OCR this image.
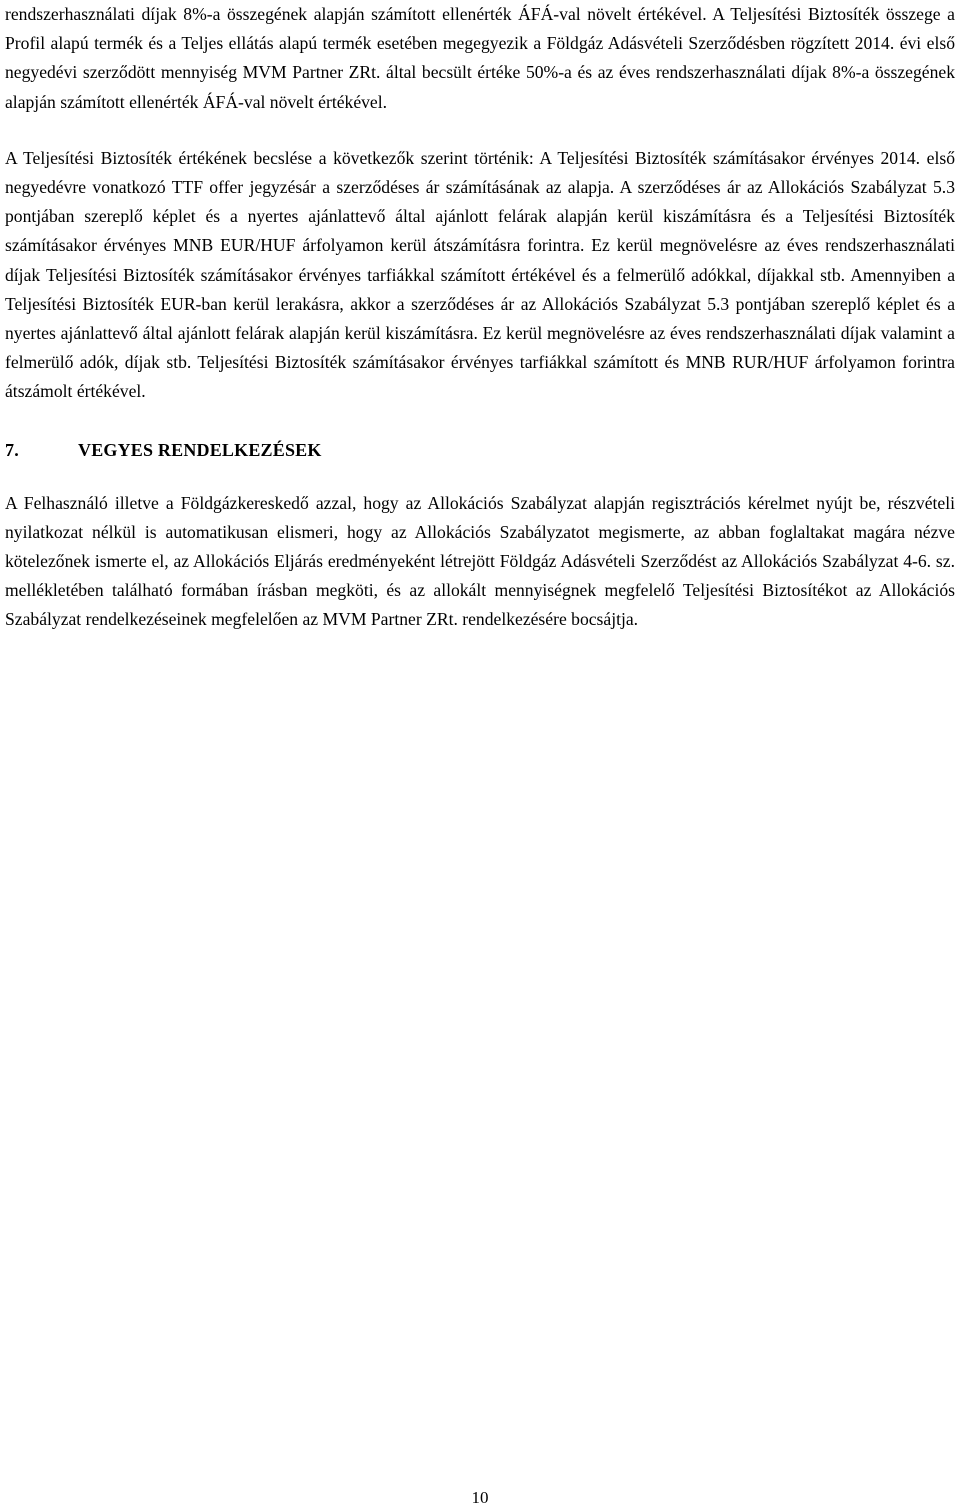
rendszerhasználati díjak 8%-a összegének alapján számított ellenérték ÁFÁ-val növelt értékével. A Teljesítési Biztosíték összege a Profil alapú termék és a Teljes ellátás alapú termék esetében megegyezik a Földgáz Adásvételi Szerződésben rögzített 2014. évi első negyedévi szerződött mennyiség MVM Partner ZRt. által becsült értéke 50%-a és az éves rendszerhasználati díjak 8%-a összegének alapján számított ellenérték ÁFÁ-val növelt értékével.

A Teljesítési Biztosíték értékének becslése a következők szerint történik: A Teljesítési Biztosíték számításakor érvényes 2014. első negyedévre vonatkozó TTF offer jegyzésár a szerződéses ár számításának az alapja. A szerződéses ár az Allokációs Szabályzat 5.3 pontjában szereplő képlet és a nyertes ajánlattevő által ajánlott felárak alapján kerül kiszámításra és a Teljesítési Biztosíték számításakor érvényes MNB EUR/HUF árfolyamon kerül átszámításra forintra. Ez kerül megnövelésre az éves rendszerhasználati díjak Teljesítési Biztosíték számításakor érvényes tarfiákkal számított értékével és a felmerülő adókkal, díjakkal stb. Amennyiben a Teljesítési Biztosíték EUR-ban kerül lerakásra, akkor a szerződéses ár az Allokációs Szabályzat 5.3 pontjában szereplő képlet és a nyertes ajánlattevő által ajánlott felárak alapján kerül kiszámításra. Ez kerül megnövelésre az éves rendszerhasználati díjak valamint a felmerülő adók, díjak stb. Teljesítési Biztosíték számításakor érvényes tarfiákkal számított és MNB RUR/HUF árfolyamon forintra átszámolt értékével.

7.	VEGYES RENDELKEZÉSEK

A Felhasználó illetve a Földgázkereskedő azzal, hogy az Allokációs Szabályzat alapján regisztrációs kérelmet nyújt be, részvételi nyilatkozat nélkül is automatikusan elismeri, hogy az Allokációs Szabályzatot megismerte, az abban foglaltakat magára nézve kötelezőnek ismerte el, az Allokációs Eljárás eredményeként létrejött Földgáz Adásvételi Szerződést az Allokációs Szabályzat 4-6. sz. mellékletében található formában írásban megköti, és az allokált mennyiségnek megfelelő Teljesítési Biztosítékot az Allokációs Szabályzat rendelkezéseinek megfelelően az MVM Partner ZRt. rendelkezésére bocsájtja.

10
